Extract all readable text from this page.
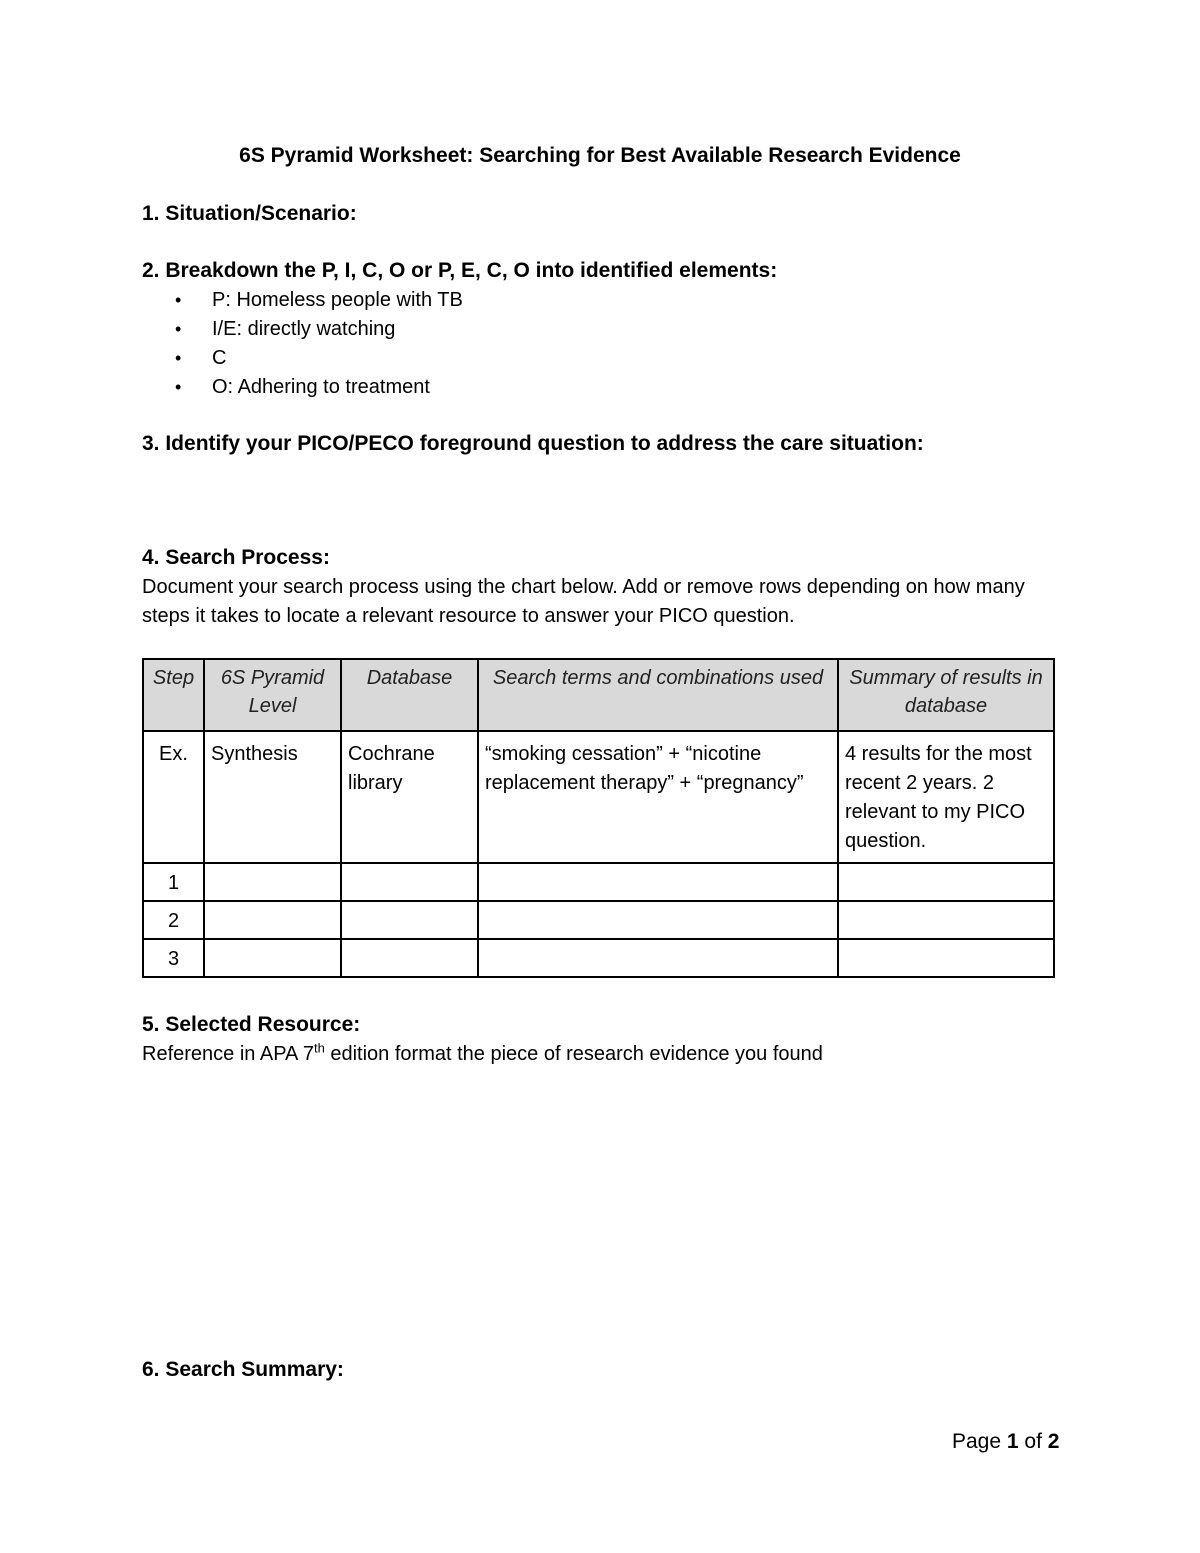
6S Pyramid Worksheet: Searching for Best Available Research Evidence
1. Situation/Scenario:
2. Breakdown the P, I, C, O or P, E, C, O into identified elements:
• P: Homeless people with TB
• I/E: directly watching
• C
• O: Adhering to treatment
3. Identify your PICO/PECO foreground question to address the care situation:
4. Search Process:
Document your search process using the chart below. Add or remove rows depending on how many steps it takes to locate a relevant resource to answer your PICO question.
Step	6S Pyramid Level	Database	Search terms and combinations used	Summary of results in database
Ex.	Synthesis	Cochrane library	“smoking cessation” + “nicotine replacement therapy” + “pregnancy”	4 results for the most recent 2 years. 2 relevant to my PICO question.
1				
2				
3				
5. Selected Resource:
Reference in APA 7th edition format the piece of research evidence you found
6. Search Summary:
Page 1 of 2
